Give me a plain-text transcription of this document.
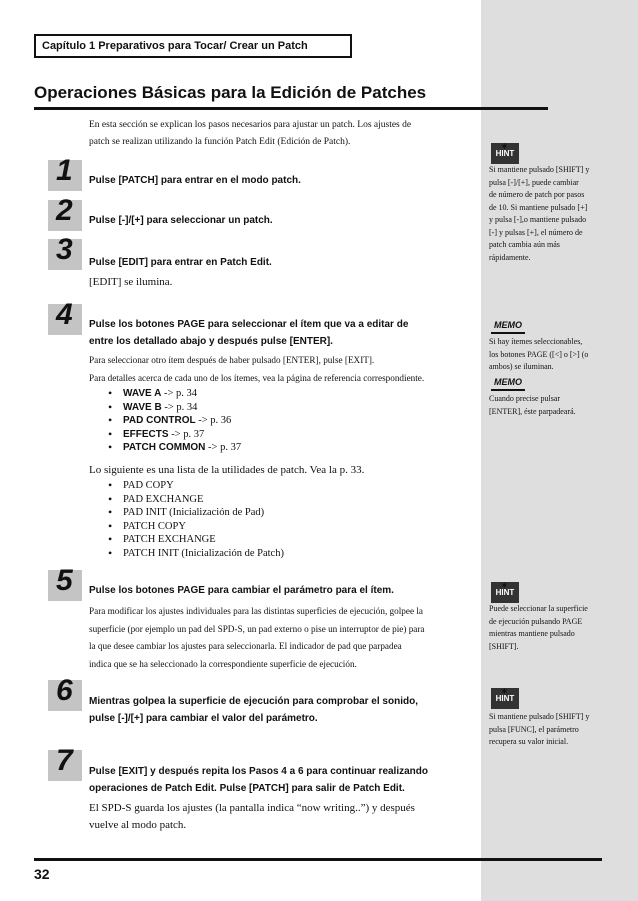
Capítulo 1 Preparativos para Tocar/ Crear un Patch
Operaciones Básicas para la Edición de Patches
En esta sección se explican los pasos necesarios para ajustar un patch. Los ajustes de
patch se realizan utilizando la función Patch Edit (Edición de Patch).
1 Pulse [PATCH] para entrar en el modo patch.
2 Pulse [-]/[+] para seleccionar un patch.
3 Pulse [EDIT] para entrar en Patch Edit.
[EDIT] se ilumina.
4 Pulse los botones PAGE para seleccionar el ítem que va a editar de
entre los detallado abajo y después pulse [ENTER].
Para seleccionar otro ítem después de haber pulsado [ENTER], pulse [EXIT].
Para detalles acerca de cada uno de los ítemes, vea la página de referencia correspondiente.
• WAVE A -> p. 34
• WAVE B -> p. 34
• PAD CONTROL -> p. 36
• EFFECTS -> p. 37
• PATCH COMMON -> p. 37
Lo siguiente es una lista de la utilidades de patch. Vea la p. 33.
• PAD COPY
• PAD EXCHANGE
• PAD INIT (Inicialización de Pad)
• PATCH COPY
• PATCH EXCHANGE
• PATCH INIT (Inicialización de Patch)
5 Pulse los botones PAGE para cambiar el parámetro para el ítem.
Para modificar los ajustes individuales para las distintas superficies de ejecución, golpee la
superficie (por ejemplo un pad del SPD-S, un pad externo o pise un interruptor de pie) para
la que desee cambiar los ajustes para seleccionarla. El indicador de pad que parpadea
indica que se ha seleccionado la correspondiente superficie de ejecución.
6 Mientras golpea la superficie de ejecución para comprobar el sonido,
pulse [-]/[+] para cambiar el valor del parámetro.
7 Pulse [EXIT] y después repita los Pasos 4 a 6 para continuar realizando
operaciones de Patch Edit. Pulse [PATCH] para salir de Patch Edit.
El SPD-S guarda los ajustes (la pantalla indica “now writing..”) y después
vuelve al modo patch.
✶
HINT
Si mantiene pulsado [SHIFT] y
pulsa [-]/[+], puede cambiar
de número de patch por pasos
de 10. Si mantiene pulsado [+]
y pulsa [-],o mantiene pulsado
[-] y pulsas [+], el número de
patch cambia aún más
rápidamente.
MEMO
Si hay ítemes seleccionables,
los botones PAGE ([<] o [>] (o
ambos) se iluminan.
MEMO
Cuando precise pulsar
[ENTER], éste parpadeará.
✶
HINT
Puede seleccionar la superficie
de ejecución pulsando PAGE
mientras mantiene pulsado
[SHIFT].
✶
HINT
Si mantiene pulsado [SHIFT] y
pulsa [FUNC], el parámetro
recupera su valor inicial.
32
